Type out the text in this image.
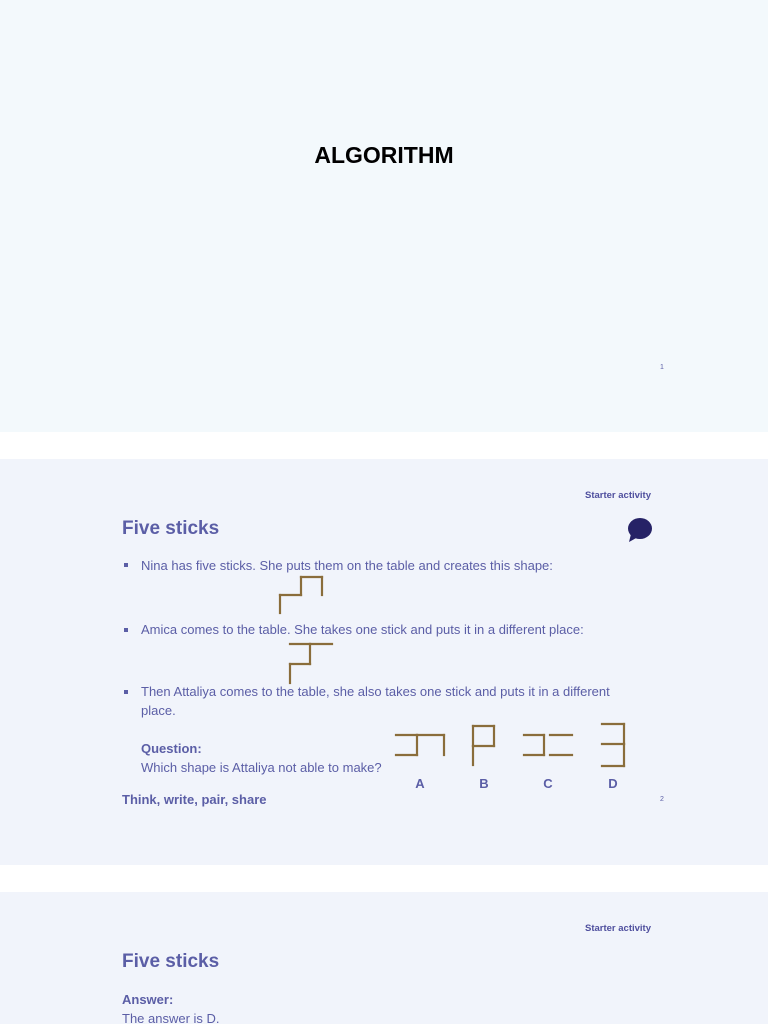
ALGORITHM
1
Starter activity
Five sticks
Nina has five sticks. She puts them on the table and creates this shape:
Amica comes to the table. She takes one stick and puts it in a different place:
Then Attaliya comes to the table, she also takes one stick and puts it in a different
place.
Question:
Which shape is Attaliya not able to make?
A	B	C	D
Think, write, pair, share	2
Starter activity
Five sticks
Answer:
The answer is D.
